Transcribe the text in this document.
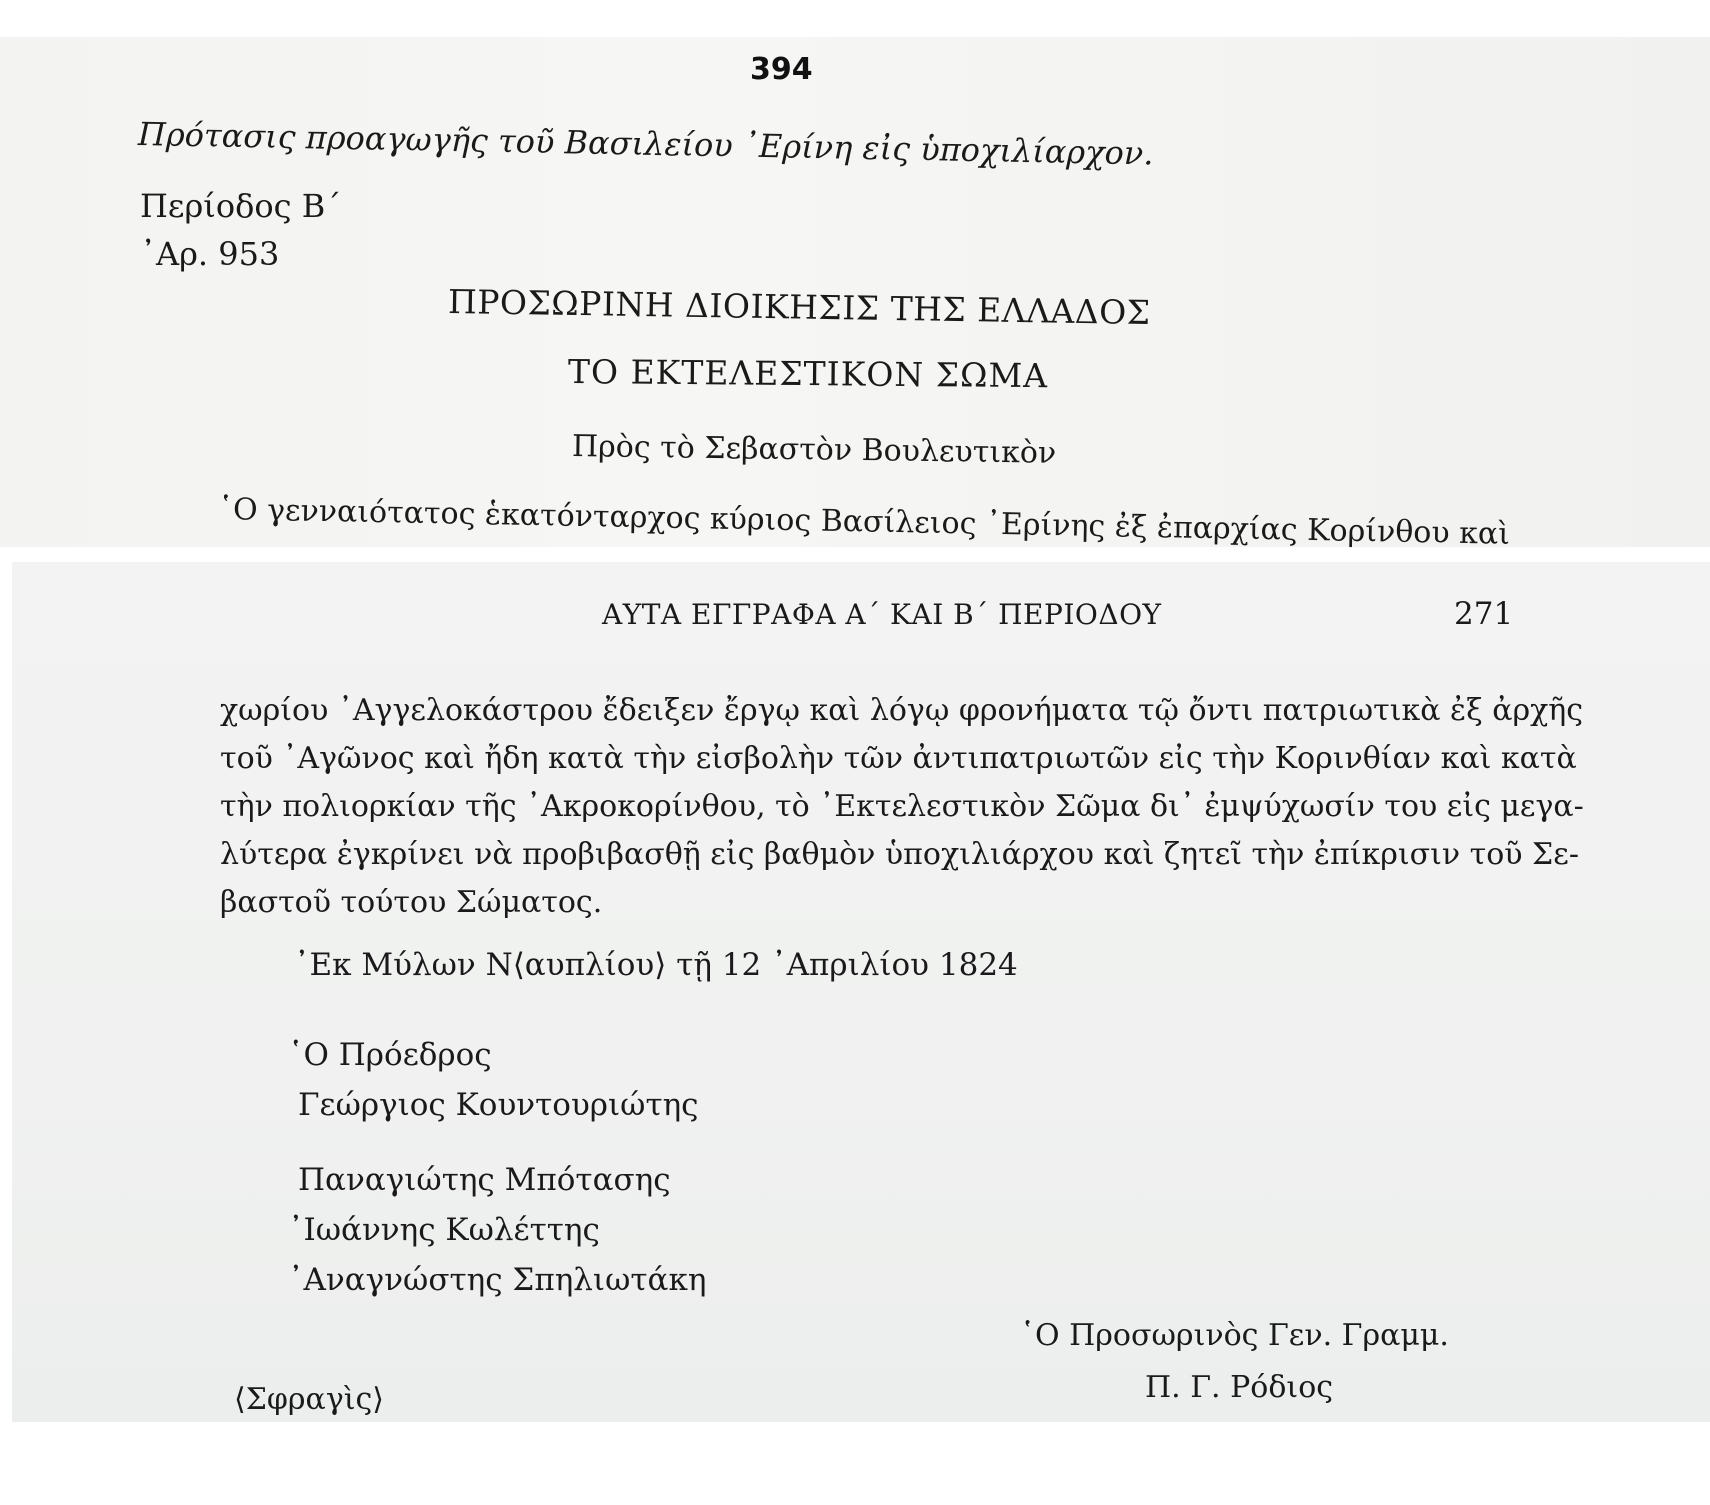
394
Πρότασις προαγωγῆς τοῦ Βασιλείου ᾿Ερίνη εἰς ὑποχιλίαρχον.
Περίοδος Β΄
᾿Αρ. 953
ΠΡΟΣΩΡΙΝΗ ΔΙΟΙΚΗΣΙΣ ΤΗΣ ΕΛΛΑΔΟΣ
ΤΟ ΕΚΤΕΛΕΣΤΙΚΟΝ ΣΩΜΑ
Πρὸς τὸ Σεβαστὸν Βουλευτικὸν
῾Ο γενναιότατος ἑκατόνταρχος κύριος Βασίλειος ᾿Ερίνης ἐξ ἐπαρχίας Κορίνθου καὶ
ΑΥΤΑ ΕΓΓΡΑΦΑ Α΄ ΚΑΙ Β΄ ΠΕΡΙΟΔΟΥ	271
χωρίου ᾿Αγγελοκάστρου ἔδειξεν ἔργῳ καὶ λόγῳ φρονήματα τῷ ὄντι πατριωτικὰ ἐξ ἀρχῆς
τοῦ ᾿Αγῶνος καὶ ἤδη κατὰ τὴν εἰσβολὴν τῶν ἀντιπατριωτῶν εἰς τὴν Κορινθίαν καὶ κατὰ
τὴν πολιορκίαν τῆς ᾿Ακροκορίνθου, τὸ ᾿Εκτελεστικὸν Σῶμα δι᾿ ἐμψύχωσίν του εἰς μεγα-
λύτερα ἐγκρίνει νὰ προβιβασθῇ εἰς βαθμὸν ὑποχιλιάρχου καὶ ζητεῖ τὴν ἐπίκρισιν τοῦ Σε-
βαστοῦ τούτου Σώματος.
᾿Εκ Μύλων Ν⟨αυπλίου⟩ τῇ 12 ᾿Απριλίου 1824
῾Ο Πρόεδρος
Γεώργιος Κουντουριώτης
Παναγιώτης Μπότασης
᾿Ιωάννης Κωλέττης
᾿Αναγνώστης Σπηλιωτάκη
῾Ο Προσωρινὸς Γεν. Γραμμ.
Π. Γ. Ρόδιος
⟨Σφραγὶς⟩
